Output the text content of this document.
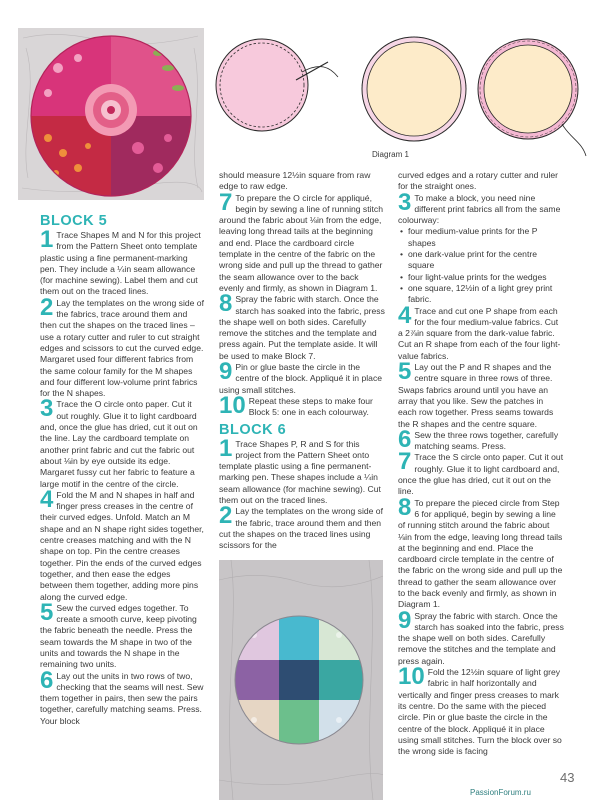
Diagram 1
BLOCK 5
1 Trace Shapes M and N for this project from the Pattern Sheet onto template plastic using a fine permanent-marking pen. They include a ¼in seam allowance (for machine sewing). Label them and cut them out on the traced lines.
2 Lay the templates on the wrong side of the fabrics, trace around them and then cut the shapes on the traced lines – use a rotary cutter and ruler to cut straight edges and scissors to cut the curved edge. Margaret used four different fabrics from the same colour family for the M shapes and four different low-volume print fabrics for the N shapes.
3 Trace the O circle onto paper. Cut it out roughly. Glue it to light cardboard and, once the glue has dried, cut it out on the line. Lay the cardboard template on another print fabric and cut the fabric out about ⅛in by eye outside its edge. Margaret fussy cut her fabric to feature a large motif in the centre of the circle.
4 Fold the M and N shapes in half and finger press creases in the centre of their curved edges. Unfold. Match an M shape and an N shape right sides together, centre creases matching and with the N shape on top. Pin the centre creases together. Pin the ends of the curved edges together, and then ease the edges between them together, adding more pins along the curved edge.
5 Sew the curved edges together. To create a smooth curve, keep pivoting the fabric beneath the needle. Press the seam towards the M shape in two of the units and towards the N shape in the remaining two units.
6 Lay out the units in two rows of two, checking that the seams will nest. Sew them together in pairs, then sew the pairs together, carefully matching seams. Press. Your block
should measure 12½in square from raw edge to raw edge.
7 To prepare the O circle for appliqué, begin by sewing a line of running stitch around the fabric about ⅛in from the edge, leaving long thread tails at the beginning and end. Place the cardboard circle template in the centre of the fabric on the wrong side and pull up the thread to gather the seam allowance over to the back evenly and firmly, as shown in Diagram 1.
8 Spray the fabric with starch. Once the starch has soaked into the fabric, press the shape well on both sides. Carefully remove the stitches and the template and press again. Put the template aside. It will be used to make Block 7.
9 Pin or glue baste the circle in the centre of the block. Appliqué it in place using small stitches.
10 Repeat these steps to make four Block 5: one in each colourway.
BLOCK 6
1 Trace Shapes P, R and S for this project from the Pattern Sheet onto template plastic using a fine permanent-marking pen. These shapes include a ¼in seam allowance (for machine sewing). Cut them out on the traced lines.
2 Lay the templates on the wrong side of the fabric, trace around them and then cut the shapes on the traced lines using scissors for the
curved edges and a rotary cutter and ruler for the straight ones.
3 To make a block, you need nine different print fabrics all from the same colourway:
• four medium-value prints for the P shapes
• one dark-value print for the centre square
• four light-value prints for the wedges
• one square, 12½in of a light grey print fabric.
4 Trace and cut one P shape from each for the four medium-value fabrics. Cut a 2⅞in square from the dark-value fabric. Cut an R shape from each of the four light-value fabrics.
5 Lay out the P and R shapes and the centre square in three rows of three. Swaps fabrics around until you have an array that you like. Sew the patches in each row together. Press seams towards the R shapes and the centre square.
6 Sew the three rows together, carefully matching seams. Press.
7 Trace the S circle onto paper. Cut it out roughly. Glue it to light cardboard and, once the glue has dried, cut it out on the line.
8 To prepare the pieced circle from Step 6 for appliqué, begin by sewing a line of running stitch around the fabric about ⅛in from the edge, leaving long thread tails at the beginning and end. Place the cardboard circle template in the centre of the fabric on the wrong side and pull up the thread to gather the seam allowance over to the back evenly and firmly, as shown in Diagram 1.
9 Spray the fabric with starch. Once the starch has soaked into the fabric, press the shape well on both sides. Carefully remove the stitches and the template and press again.
10 Fold the 12½in square of light grey fabric in half horizontally and vertically and finger press creases to mark its centre. Do the same with the pieced circle. Pin or glue baste the circle in the centre of the block. Appliqué it in place using small stitches. Turn the block over so the wrong side is facing
43
PassionForum.ru
